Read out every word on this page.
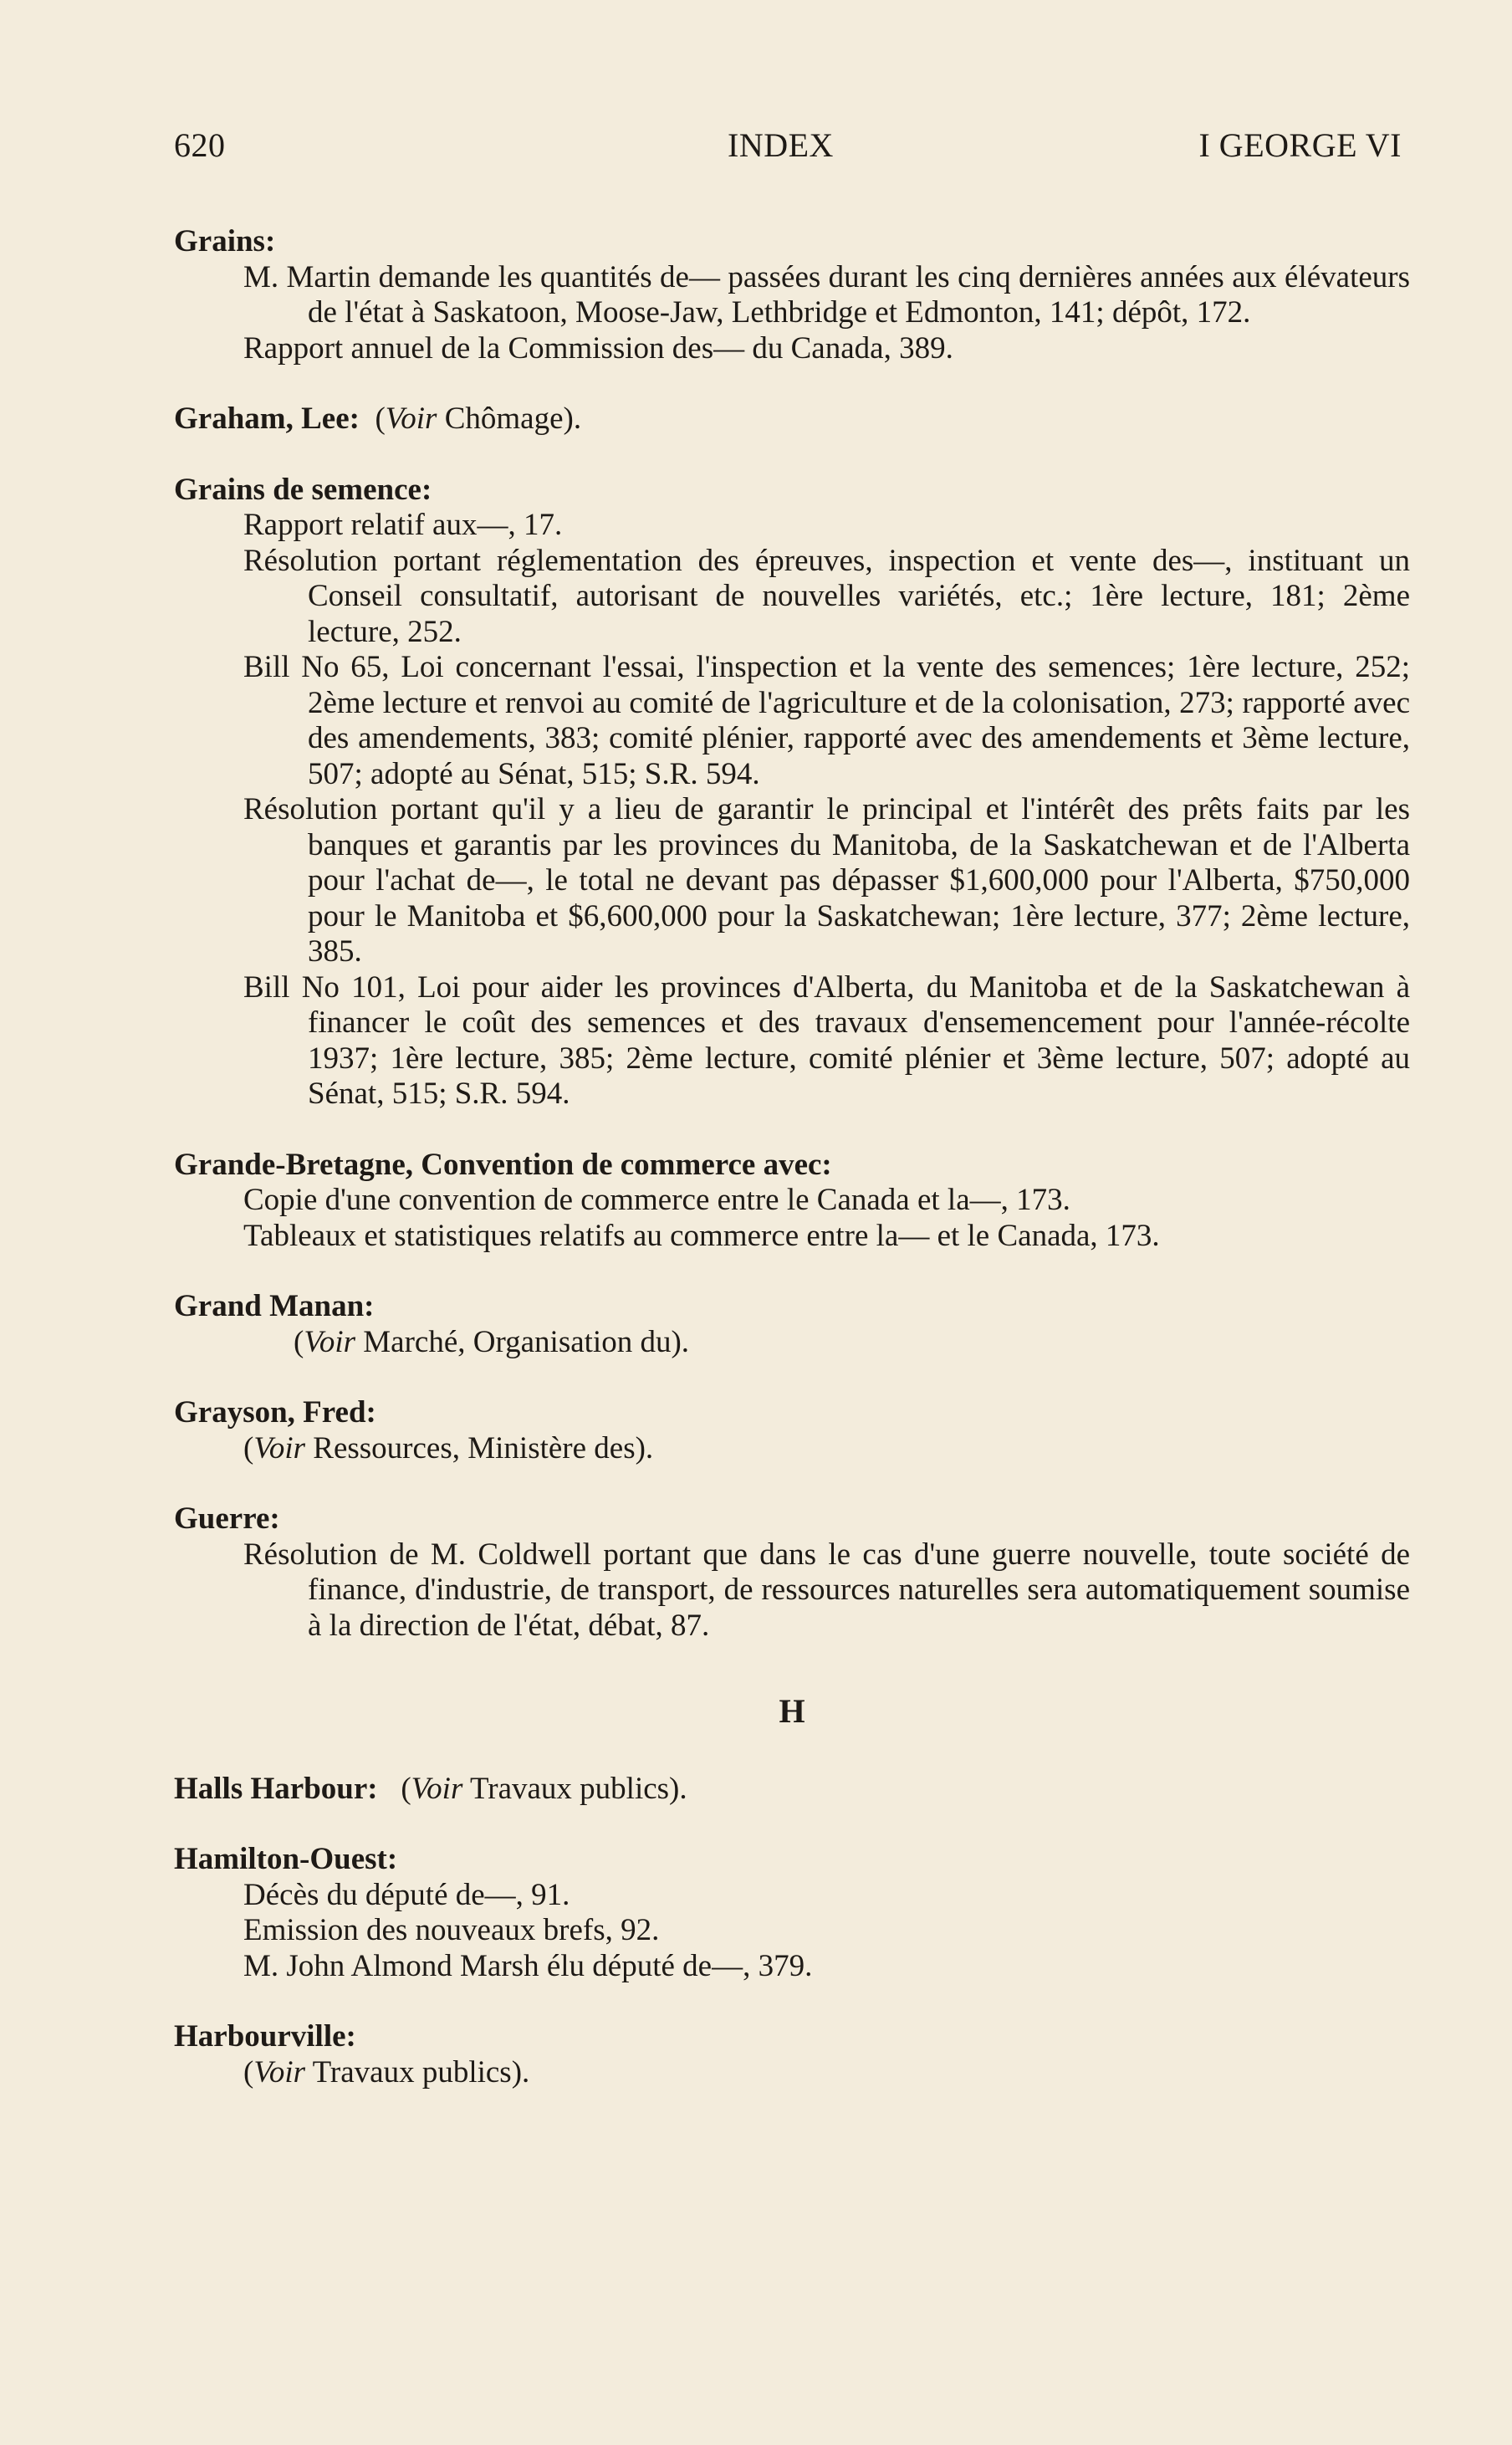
620	INDEX	I GEORGE VI
Grains:
M. Martin demande les quantités de— passées durant les cinq dernières années aux élévateurs de l'état à Saskatoon, Moose-Jaw, Lethbridge et Edmonton, 141; dépôt, 172.
Rapport annuel de la Commission des— du Canada, 389.
Graham, Lee: (Voir Chômage).
Grains de semence:
Rapport relatif aux—, 17.
Résolution portant réglementation des épreuves, inspection et vente des—, instituant un Conseil consultatif, autorisant de nouvelles variétés, etc.; 1ère lecture, 181; 2ème lecture, 252.
Bill No 65, Loi concernant l'essai, l'inspection et la vente des semences; 1ère lecture, 252; 2ème lecture et renvoi au comité de l'agriculture et de la colonisation, 273; rapporté avec des amendements, 383; comité plénier, rapporté avec des amendements et 3ème lecture, 507; adopté au Sénat, 515; S.R. 594.
Résolution portant qu'il y a lieu de garantir le principal et l'intérêt des prêts faits par les banques et garantis par les provinces du Manitoba, de la Saskatchewan et de l'Alberta pour l'achat de—, le total ne devant pas dépasser $1,600,000 pour l'Alberta, $750,000 pour le Manitoba et $6,600,000 pour la Saskatchewan; 1ère lecture, 377; 2ème lecture, 385.
Bill No 101, Loi pour aider les provinces d'Alberta, du Manitoba et de la Saskatchewan à financer le coût des semences et des travaux d'ensemencement pour l'année-récolte 1937; 1ère lecture, 385; 2ème lecture, comité plénier et 3ème lecture, 507; adopté au Sénat, 515; S.R. 594.
Grande-Bretagne, Convention de commerce avec:
Copie d'une convention de commerce entre le Canada et la—, 173.
Tableaux et statistiques relatifs au commerce entre la— et le Canada, 173.
Grand Manan:
(Voir Marché, Organisation du).
Grayson, Fred:
(Voir Ressources, Ministère des).
Guerre:
Résolution de M. Coldwell portant que dans le cas d'une guerre nouvelle, toute société de finance, d'industrie, de transport, de ressources naturelles sera automatiquement soumise à la direction de l'état, débat, 87.
H
Halls Harbour: (Voir Travaux publics).
Hamilton-Ouest:
Décès du député de—, 91.
Emission des nouveaux brefs, 92.
M. John Almond Marsh élu député de—, 379.
Harbourville:
(Voir Travaux publics).
